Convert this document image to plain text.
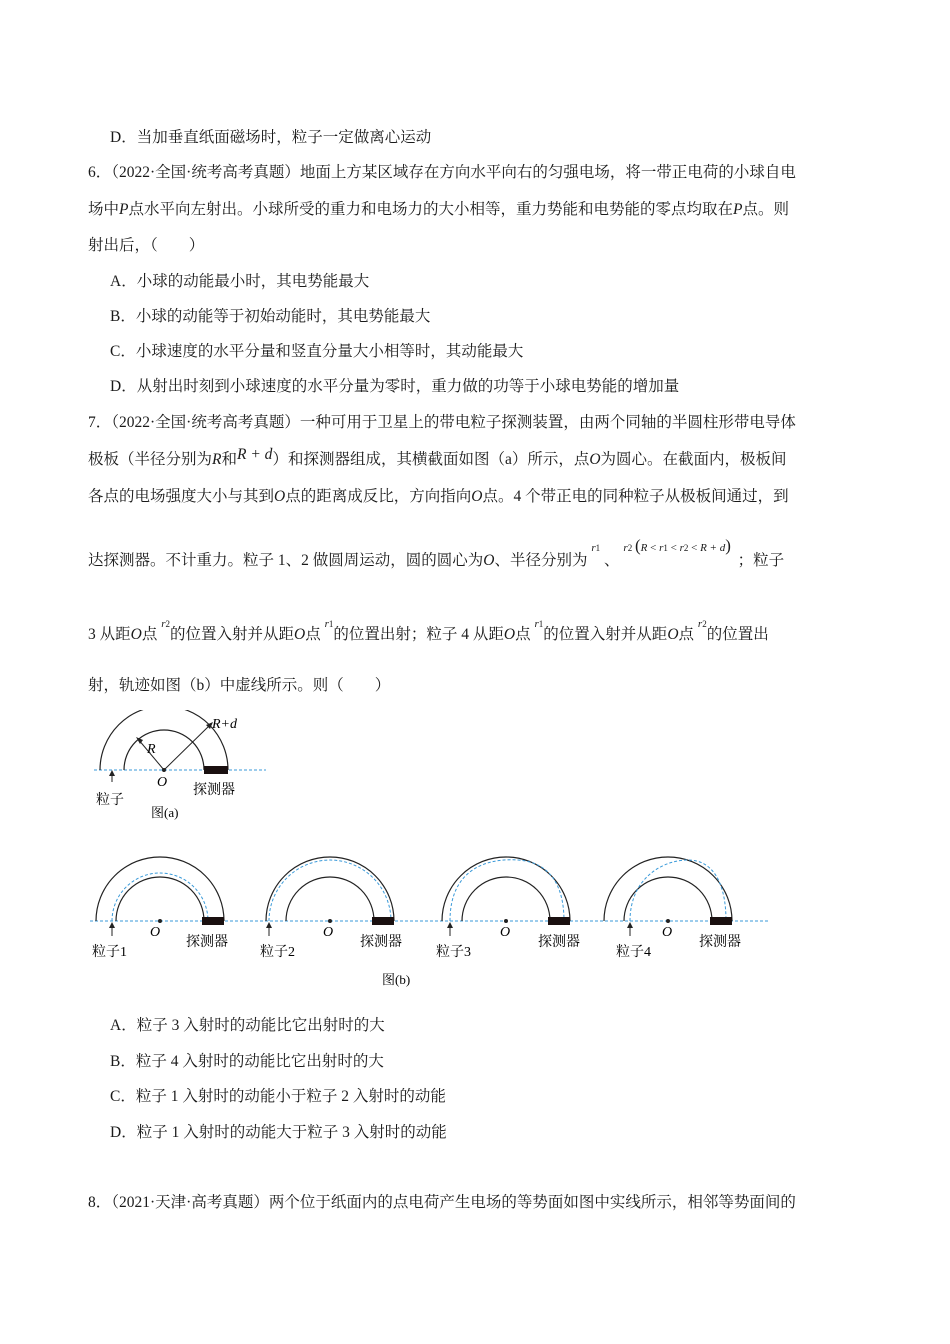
D．当加垂直纸面磁场时，粒子一定做离心运动
6．（2022·全国·统考高考真题）地面上方某区域存在方向水平向右的匀强电场，将一带正电荷的小球自电
场中P点水平向左射出。小球所受的重力和电场力的大小相等，重力势能和电势能的零点均取在P点。则
射出后，（　　）
A．小球的动能最小时，其电势能最大
B．小球的动能等于初始动能时，其电势能最大
C．小球速度的水平分量和竖直分量大小相等时，其动能最大
D．从射出时刻到小球速度的水平分量为零时，重力做的功等于小球电势能的增加量
7．（2022·全国·统考高考真题）一种可用于卫星上的带电粒子探测装置，由两个同轴的半圆柱形带电导体
极板（半径分别为R和R + d）和探测器组成，其横截面如图（a）所示，点O为圆心。在截面内，极板间
各点的电场强度大小与其到O点的距离成反比，方向指向O点。4 个带正电的同种粒子从极板间通过，到
达探测器。不计重力。粒子 1、2 做圆周运动，圆的圆心为O、半径分别为 $^{r1}$ 、 $^{r2 (R < r1 < r2 < R + d)}$ ；粒子
3 从距O点 $^{r2}$的位置入射并从距O点 $^{r1}$的位置出射；粒子 4 从距O点 $^{r1}$的位置入射并从距O点 $^{r2}$的位置出
射，轨迹如图（b）中虚线所示。则（　　）
R+d
R
O
粒子
探测器
图(a)
O
探测器
粒子1
O
探测器
粒子2
O
探测器
粒子3
O
探测器
粒子4
图(b)
A．粒子 3 入射时的动能比它出射时的大
B．粒子 4 入射时的动能比它出射时的大
C．粒子 1 入射时的动能小于粒子 2 入射时的动能
D．粒子 1 入射时的动能大于粒子 3 入射时的动能
8．（2021·天津·高考真题）两个位于纸面内的点电荷产生电场的等势面如图中实线所示，相邻等势面间的
